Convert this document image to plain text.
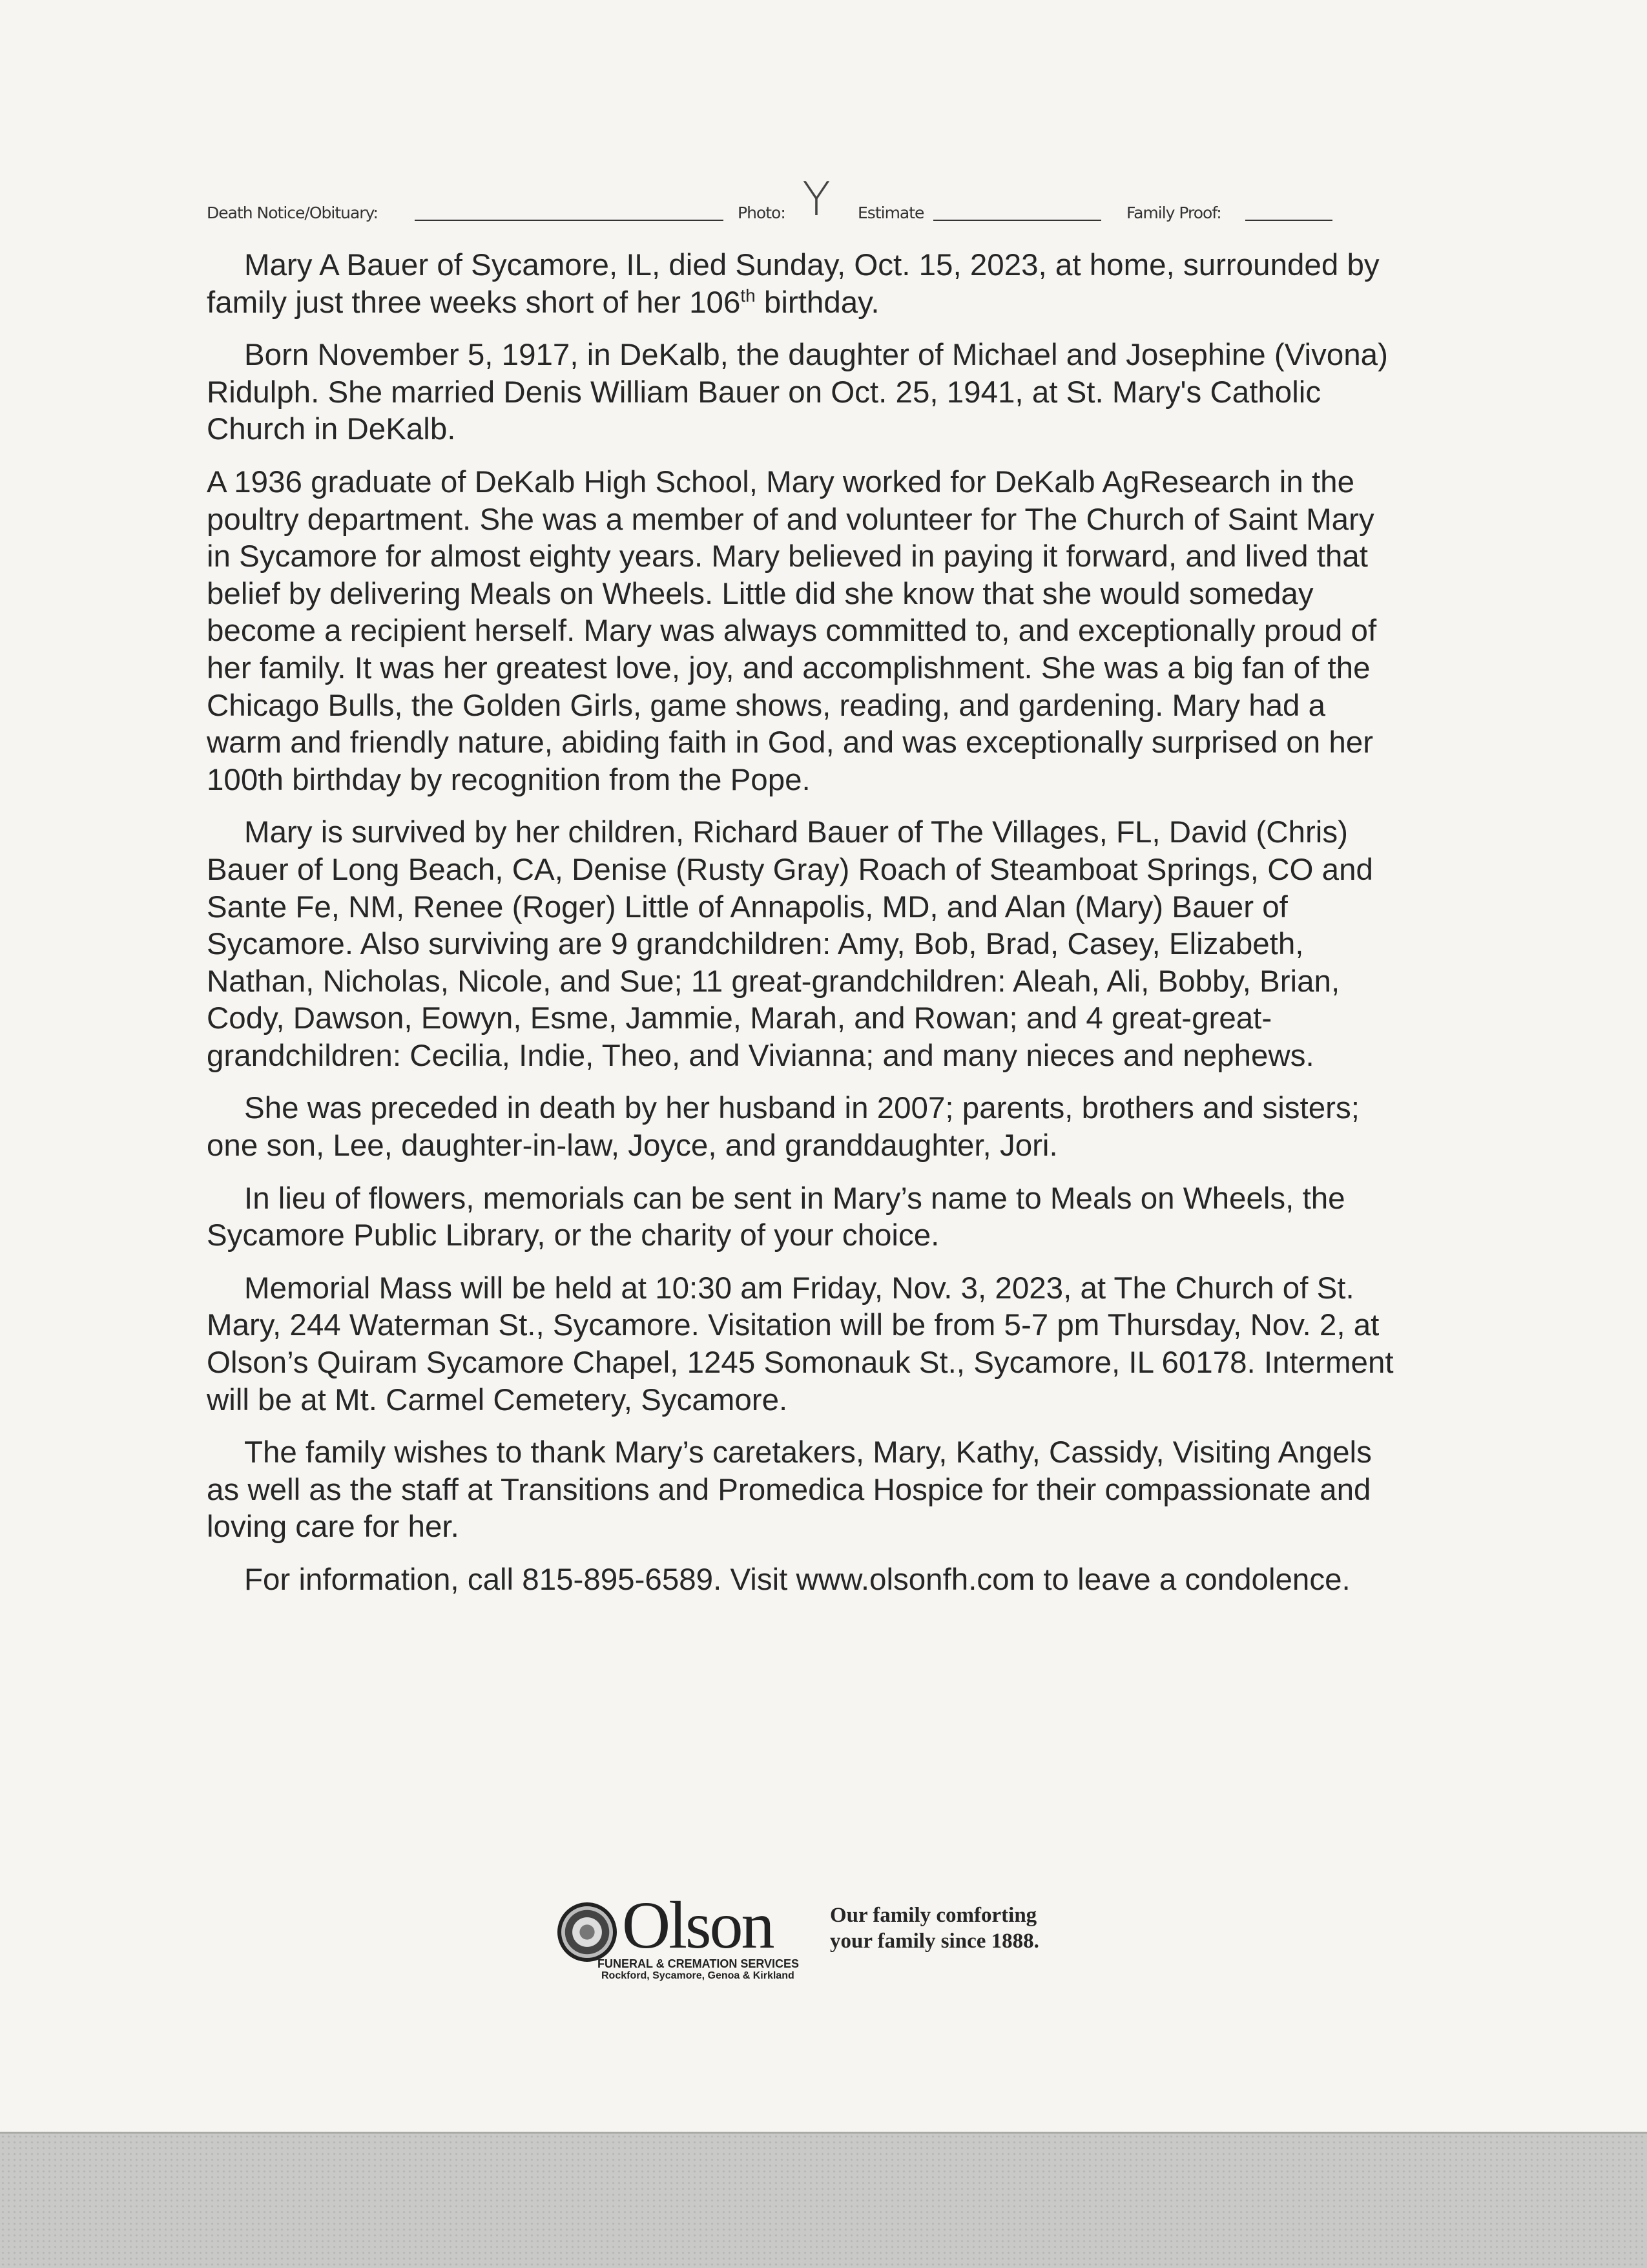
Death Notice/Obituary:	Photo: Y Estimate	Family Proof:
Mary A Bauer of Sycamore, IL, died Sunday, Oct. 15, 2023, at home, surrounded by
family just three weeks short of her 106th birthday.
Born November 5, 1917, in DeKalb, the daughter of Michael and Josephine (Vivona)
Ridulph. She married Denis William Bauer on Oct. 25, 1941, at St. Mary's Catholic
Church in DeKalb.
A 1936 graduate of DeKalb High School, Mary worked for DeKalb AgResearch in the
poultry department. She was a member of and volunteer for The Church of Saint Mary
in Sycamore for almost eighty years. Mary believed in paying it forward, and lived that
belief by delivering Meals on Wheels. Little did she know that she would someday
become a recipient herself. Mary was always committed to, and exceptionally proud of
her family. It was her greatest love, joy, and accomplishment. She was a big fan of the
Chicago Bulls, the Golden Girls, game shows, reading, and gardening. Mary had a
warm and friendly nature, abiding faith in God, and was exceptionally surprised on her
100th birthday by recognition from the Pope.
Mary is survived by her children, Richard Bauer of The Villages, FL, David (Chris)
Bauer of Long Beach, CA, Denise (Rusty Gray) Roach of Steamboat Springs, CO and
Sante Fe, NM, Renee (Roger) Little of Annapolis, MD, and Alan (Mary) Bauer of
Sycamore. Also surviving are 9 grandchildren: Amy, Bob, Brad, Casey, Elizabeth,
Nathan, Nicholas, Nicole, and Sue; 11 great-grandchildren: Aleah, Ali, Bobby, Brian,
Cody, Dawson, Eowyn, Esme, Jammie, Marah, and Rowan; and 4 great-great-
grandchildren: Cecilia, Indie, Theo, and Vivianna; and many nieces and nephews.
She was preceded in death by her husband in 2007; parents, brothers and sisters;
one son, Lee, daughter-in-law, Joyce, and granddaughter, Jori.
In lieu of flowers, memorials can be sent in Mary’s name to Meals on Wheels, the
Sycamore Public Library, or the charity of your choice.
Memorial Mass will be held at 10:30 am Friday, Nov. 3, 2023, at The Church of St.
Mary, 244 Waterman St., Sycamore. Visitation will be from 5-7 pm Thursday, Nov. 2, at
Olson’s Quiram Sycamore Chapel, 1245 Somonauk St., Sycamore, IL 60178. Interment
will be at Mt. Carmel Cemetery, Sycamore.
The family wishes to thank Mary’s caretakers, Mary, Kathy, Cassidy, Visiting Angels
as well as the staff at Transitions and Promedica Hospice for their compassionate and
loving care for her.
For information, call 815-895-6589. Visit www.olsonfh.com to leave a condolence.
Olson
FUNERAL & CREMATION SERVICES
Rockford, Sycamore, Genoa & Kirkland
Our family comforting
your family since 1888.
